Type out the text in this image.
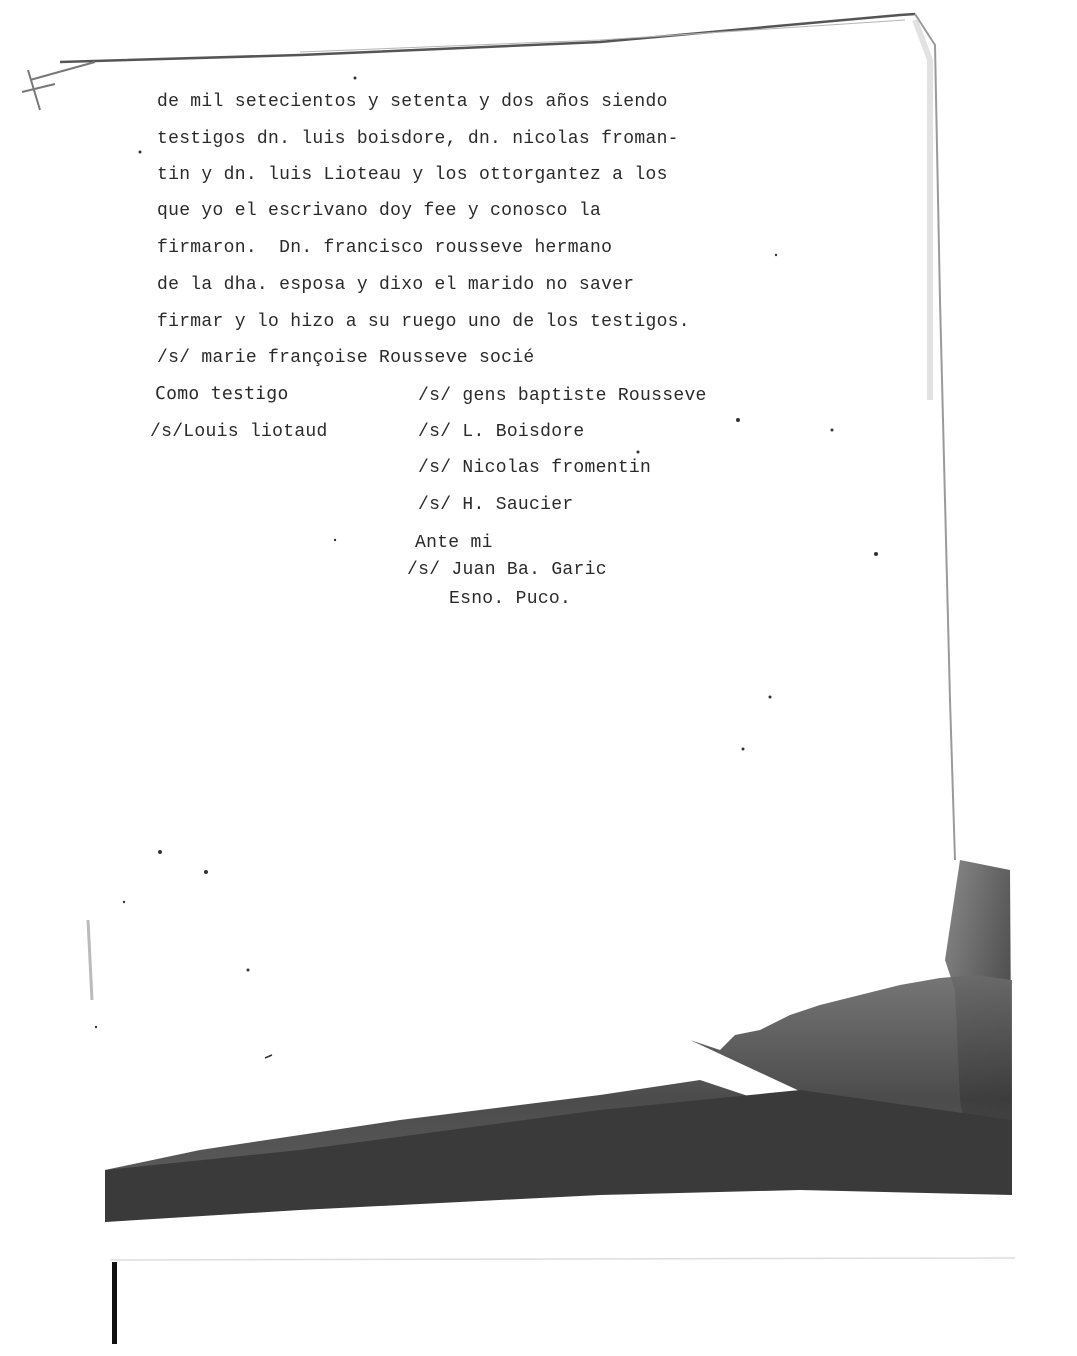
de mil setecientos y setenta y dos años siendo
testigos dn. luis boisdore, dn. nicolas froman-
tin y dn. luis Lioteau y los ottorgantez a los
que yo el escrivano doy fee y conosco la
firmaron.  Dn. francisco rousseve hermano
de la dha. esposa y dixo el marido no saver
firmar y lo hizo a su ruego uno de los testigos.
/s/ marie françoise Rousseve socié
Como testigo
/s/Louis liotaud
/s/ gens baptiste Rousseve
/s/ L. Boisdore
/s/ Nicolas fromentin
/s/ H. Saucier
Ante mi
/s/ Juan Ba. Garic
Esno. Puco.
